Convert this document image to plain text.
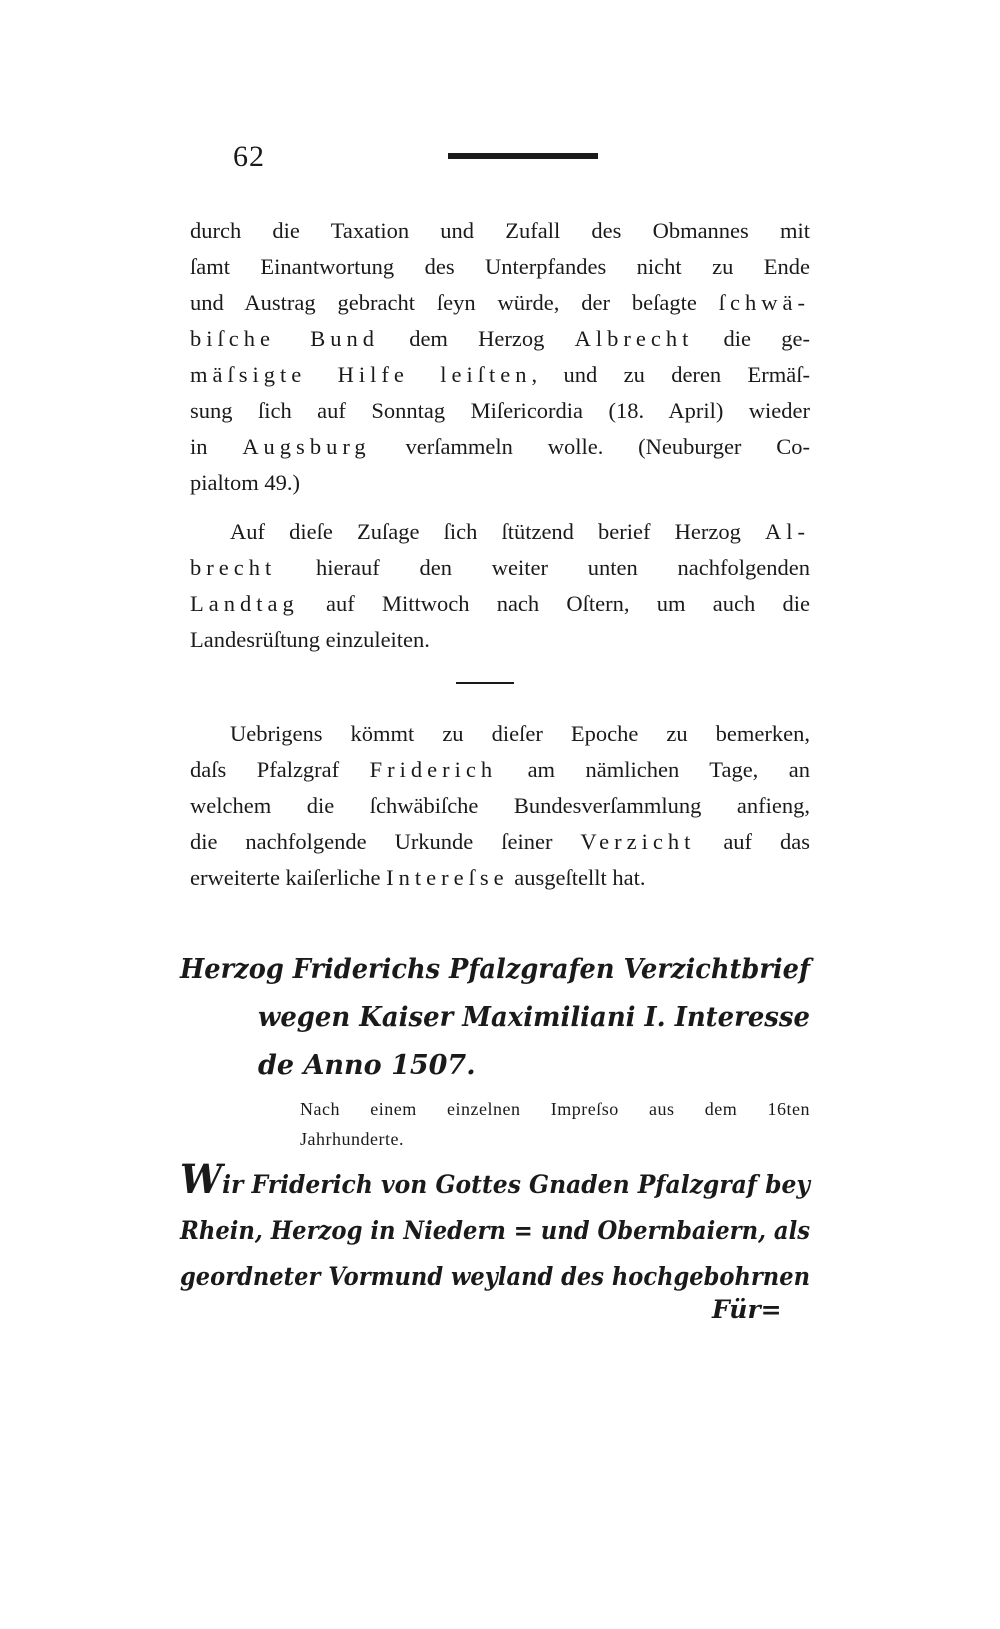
62
durch die Taxation und Zufall des Obmannes mit
ſamt Einantwortung des Unterpfandes nicht zu Ende
und Austrag gebracht ſeyn würde, der beſagte ſchwä-
biſche Bund dem Herzog Albrecht die ge-
mäſsigte Hilfe leiſten, und zu deren Ermäſ-
sung ſich auf Sonntag Miſericordia (18. April) wieder
in Augsburg verſammeln wolle. (Neuburger Co-
pialtom 49.)
Auf dieſe Zuſage ſich ſtützend berief Herzog Al-
brecht hierauf den weiter unten nachfolgenden
Landtag auf Mittwoch nach Oſtern, um auch die
Landesrüſtung einzuleiten.
Uebrigens kömmt zu dieſer Epoche zu bemerken,
daſs Pfalzgraf Friderich am nämlichen Tage, an
welchem die ſchwäbiſche Bundesverſammlung anfieng,
die nachfolgende Urkunde ſeiner Verzicht auf das
erweiterte kaiſerliche Intereſse ausgeſtellt hat.
Herzog Friderichs Pfalzgrafen Verzichtbrief
wegen Kaiser Maximiliani I. Interesse
de Anno 1507.
Nach einem einzelnen Impreſso aus dem 16ten
Jahrhunderte.
Wir Friderich von Gottes Gnaden Pfalzgraf bey
Rhein, Herzog in Niedern = und Obernbaiern, als
geordneter Vormund weyland des hochgebohrnen
Für=
